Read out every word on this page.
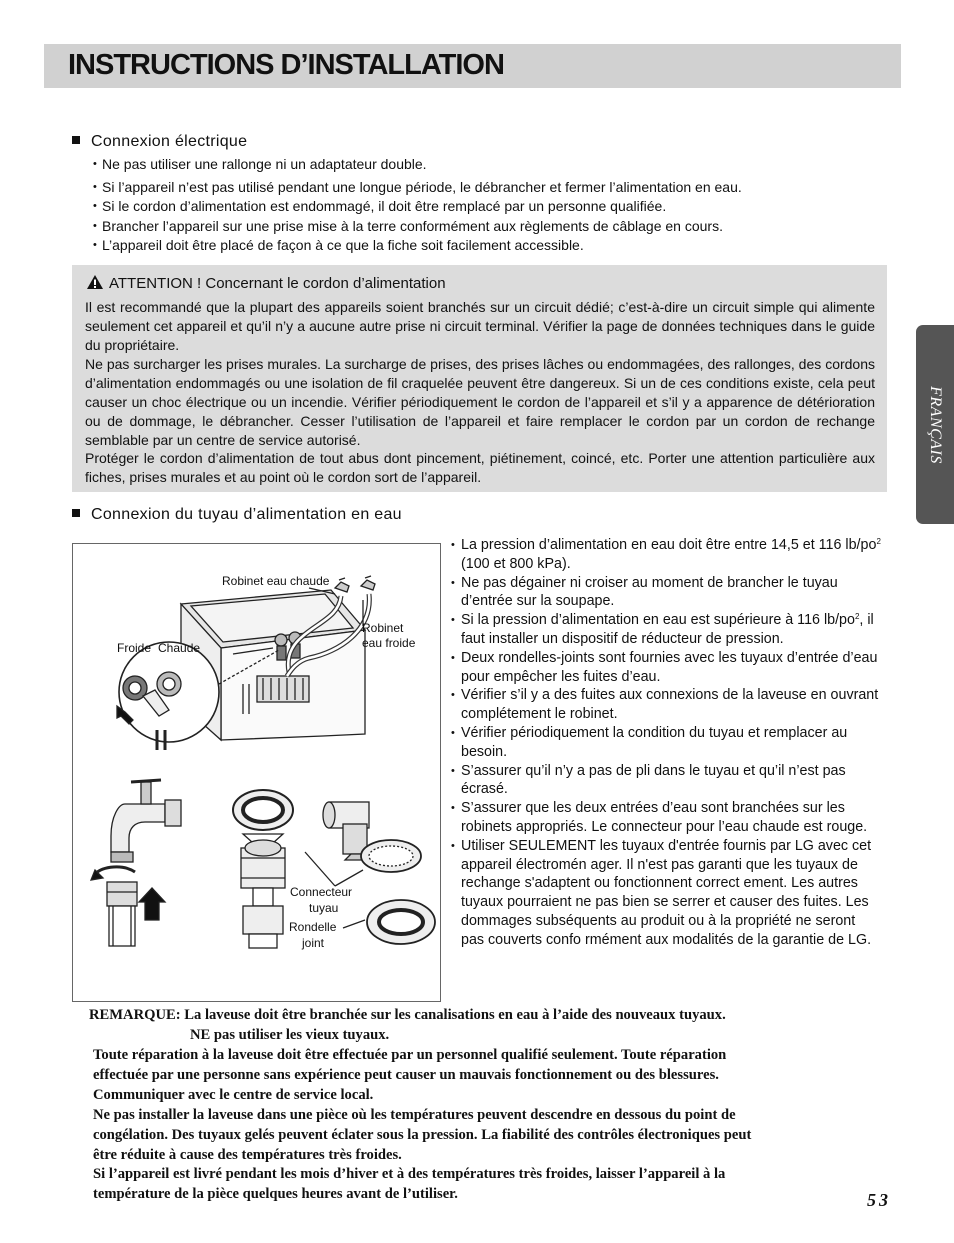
INSTRUCTIONS D’INSTALLATION
FRANÇAIS
Connexion électrique
• Ne pas utiliser une rallonge ni un adaptateur double.
• Si l’appareil n’est pas utilisé pendant une longue période, le débrancher et fermer l’alimentation en eau.
• Si le cordon d’alimentation est endommagé, il doit être remplacé par un personne qualifiée.
• Brancher l’appareil sur une prise mise à la terre conformément aux règlements de câblage en cours.
• L’appareil doit être placé de façon à ce que la fiche soit facilement accessible.
ATTENTION ! Concernant le cordon d’alimentation

Il est recommandé que la plupart des appareils soient branchés sur un circuit dédié; c’est-à-dire un circuit simple qui alimente seulement cet appareil et qu’il n’y a aucune autre prise ni circuit terminal. Vérifier la page de données techniques dans le guide du propriétaire.

Ne pas surcharger les prises murales. La surcharge de prises, des prises lâches ou endommagées, des rallonges, des cordons d’alimentation endommagés ou une isolation de fil craquelée peuvent être dangereux. Si un de ces conditions existe, cela peut causer un choc électrique ou un incendie. Vérifier périodiquement le cordon de l’appareil et s’il y a apparence de détérioration ou de dommage, le débrancher. Cesser l’utilisation de l’appareil et faire remplacer le cordon par un cordon de rechange semblable par un centre de service autorisé.

Protéger le cordon d’alimentation de tout abus dont pincement, piétinement, coincé, etc. Porter une attention particulière aux fiches, prises murales et au point où le cordon sort de l’appareil.

Connexion du tuyau d’alimentation en eau
Robinet eau chaude
Robinet
eau froide
Froide Chaude
Connecteur
tuyau
Rondelle
joint
• La pression d’alimentation en eau doit être entre 14,5 et 116 $lb/po^2$ (100 et 800 kPa).
• Ne pas dégainer ni croiser au moment de brancher le tuyau d’entrée sur la soupape.
• Si la pression d’alimentation en eau est supérieure à 116 $lb/po^2$, il faut installer un dispositif de réducteur de pression.
• Deux rondelles-joints sont fournies avec les tuyaux d’entrée d’eau pour empêcher les fuites d’eau.
• Vérifier s’il y a des fuites aux connexions de la laveuse en ouvrant complétement le robinet.
• Vérifier périodiquement la condition du tuyau et remplacer au besoin.
• S’assurer qu’il n’y a pas de pli dans le tuyau et qu’il n’est pas écrasé.
• S’assurer que les deux entrées d’eau sont branchées sur les robinets appropriés. Le connecteur pour l’eau chaude est rouge.
• Utiliser SEULEMENT les tuyaux d'entrée fournis par LG avec cet appareil électromén ager. Il n'est pas garanti que les tuyaux de rechange s'adaptent ou fonctionnent correct ement. Les autres tuyaux pourraient ne pas bien se serrer et causer des fuites. Les dommages subséquents au produit ou à la propriété ne seront pas couverts confo rmément aux modalités de la garantie de LG.
REMARQUE: La laveuse doit être branchée sur les canalisations en eau à l’aide des nouveaux tuyaux.
NE pas utiliser les vieux tuyaux.
Toute réparation à la laveuse doit être effectuée par un personnel qualifié seulement. Toute réparation
effectuée par une personne sans expérience peut causer un mauvais fonctionnement ou des blessures.
Communiquer avec le centre de service local.
Ne pas installer la laveuse dans une pièce où les températures peuvent descendre en dessous du point de
congélation. Des tuyaux gelés peuvent éclater sous la pression. La fiabilité des contrôles électroniques peut
être réduite à cause des températures très froides.
Si l’appareil est livré pendant les mois d’hiver et à des températures très froides, laisser l’appareil à la
température de la pièce quelques heures avant de l’utiliser.	53
